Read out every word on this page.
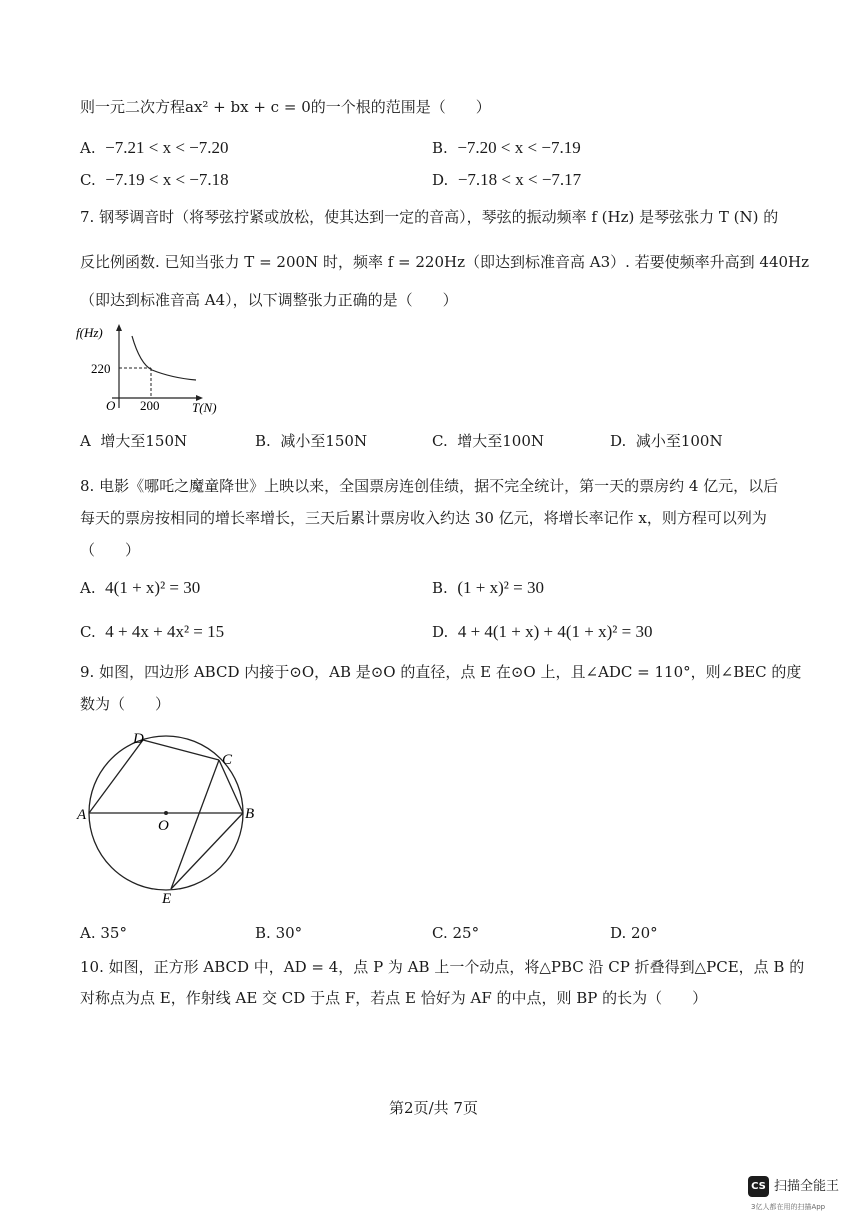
则一元二次方程ax² + bx + c = 0的一个根的范围是（　　）
A. −7.21 < x < −7.20	B. −7.20 < x < −7.19
C. −7.19 < x < −7.18	D. −7.18 < x < −7.17
7. 钢琴调音时（将琴弦拧紧或放松，使其达到一定的音高），琴弦的振动频率 f (Hz) 是琴弦张力 T (N) 的
反比例函数. 已知当张力 T = 200N 时，频率 f = 220Hz（即达到标准音高 A3）. 若要使频率升高到 440Hz
（即达到标准音高 A4），以下调整张力正确的是（　　）
f(Hz)
220
O 200	T(N)
A 增大至150N	B. 减小至150N	C. 增大至100N	D. 减小至100N
8. 电影《哪吒之魔童降世》上映以来，全国票房连创佳绩，据不完全统计，第一天的票房约 4 亿元，以后
每天的票房按相同的增长率增长，三天后累计票房收入约达 30 亿元，将增长率记作 x，则方程可以列为
（　　）
A. 4(1 + x)² = 30	B. (1 + x)² = 30
C. 4 + 4x + 4x² = 15	D. 4 + 4(1 + x) + 4(1 + x)² = 30
9. 如图，四边形 ABCD 内接于⊙O，AB 是⊙O 的直径，点 E 在⊙O 上，且∠ADC = 110°，则∠BEC 的度
数为（　　）
A	B
C
D
E
O
A. 35°	B. 30°	C. 25°	D. 20°
10. 如图，正方形 ABCD 中，AD = 4，点 P 为 AB 上一个动点，将△PBC 沿 CP 折叠得到△PCE，点 B 的
对称点为点 E，作射线 AE 交 CD 于点 F，若点 E 恰好为 AF 的中点，则 BP 的长为（　　）
第2页/共 7页
CS 扫描全能王
3亿人都在用的扫描App
